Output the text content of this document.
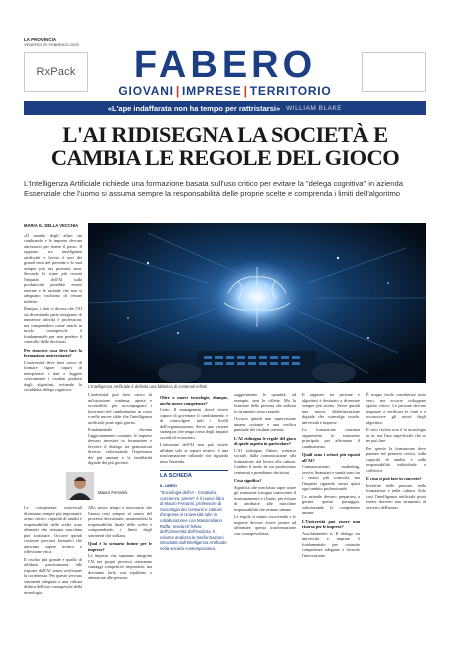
LA PROVINCIA
VENERDÌ 20 FEBBRAIO 2025
RxPack	FABERO
GIOVANI | IMPRESE | TERRITORIO
«L'ape indaffarata non ha tempo per rattristarsi» WILLIAM BLAKE
L'AI RIDISEGNA LA SOCIETÀ E CAMBIA LE REGOLE DEL GIOCO
L'Intelligenza Artificiale richiede una formazione basata sull'uso critico per evitare la "delega cognitiva" in azienda Essenziale che l'uomo si assuma sempre la responsabilità delle proprie scelte e comprenda i limiti dell'algoritmo
MARIA G. DELLA VECCHIA

«Il mondo degli affari sta cambiando e le imprese devono attrezzarsi per tenere il passo. Il rapporto tra intelligenza artificiale e lavoro è uno dei grandi temi del presente e lo sarà sempre più nei prossimi anni. Secondo le stime più recenti l'impatto dell'AI sulla produttività potrebbe essere enorme e le aziende che non si adeguano rischiano di restare indietro.

Dunque, i dati ci dicono che l'AI sta diventando parte integrante di numerose attività e professioni, ma comprendere come usarla in modo consapevole è fondamentale per non perdere il controllo delle decisioni.

Per riuscirci cosa deve fare la formazione universitaria?

L'università deve farsi carico di formare figure capaci di interpretare i dati e leggere criticamente i risultati prodotti dagli algoritmi, evitando la cosiddetta delega cognitiva.

Le competenze trasversali diventano sempre più importanti: senso critico, capacità di analisi e responsabilità nelle scelte sono elementi che nessuna macchina può sostituire. Occorre quindi costruire percorsi formativi che uniscano sapere tecnico e riflessione etica.

Il rischio più grande è quello di affidarsi passivamente alle risposte dell'AI senza verificarne la correttezza. Per questo servono strumenti adeguati e una cultura diffusa dell'uso consapevole della tecnologia.

L'Intelligenza Artificiale è definita una fabbrica di contenuti infiniti

L'università può farsi carico di un'istruzione continua, aperta e accessibile, per accompagnare i lavoratori nel cambiamento in corso e nelle nuove sfide che l'intelligenza artificiale pone ogni giorno.

Fondamentale diventa l'aggiornamento costante: le imprese devono investire in formazione e favorire il dialogo tra generazioni diverse, valorizzando l'esperienza dei più anziani e la familiarità digitale dei più giovani.

Allo stesso tempo è necessario che l'uomo resti sempre al centro del processo decisionale, assumendosi la responsabilità finale delle scelte e comprendendo i limiti degli strumenti che utilizza.

Qual è lo scenario futuro per le imprese?

Le imprese che sapranno integrare l'AI nei propri processi otterranno vantaggi competitivi importanti, ma dovranno farlo con equilibrio e attenzione alle persone.

Mauro Ferrarini
Oltre a nuove tecnologie, dunque, anche nuove competenze?

Certo. Il management dovrà essere capace di governare il cambiamento e di coinvolgere tutti i livelli dell'organizzazione. Serve una visione strategica che tenga conto degli impatti sociali ed economici.

L'adozione dell'AI non può essere affidata solo ai reparti tecnici: è una trasformazione culturale che riguarda tutta l'azienda.

LA SCHEDA
IL LIBRO
"Sociologia dell'IA - Creatività, coscienza, potere" è il nuovo libro di Mauro Ferrarini, professore di Sociologia dei consumi e cultura d'impresa in Università Iulm in collaborazione con Massimiliano Raffa, research fellow dell'Università dell'Insubria. Il volume analizza le trasformazioni introdotte dall'Intelligenza Artificiale nella società contemporanea.

suggerimento le quantità, ad esempio, non le riflette. Ma la funzione della persona che utilizza lo strumento resta centrale.

Occorre quindi una supervisione umana costante e una verifica puntuale dei risultati ottenuti.

L'AI ridisegna le regole del gioco di quale aspetto in particolare?

L'AI ridisegna l'intero scenario sociale, dalla comunicazione alla formazione, dal lavoro alla cultura. Cambia il modo in cui produciamo contenuti e prendiamo decisioni.

Cosa significa?

Significa che non basta saper usare gli strumenti: bisogna conoscerne il funzionamento e i limiti, per evitare di attribuire alle macchine responsabilità che restano umane.

Le regole si stanno riscrivendo e le imprese devono essere pronte ad affrontare questa trasformazione con consapevolezza.

Il rapporto tra persone e algoritmi è destinato a diventare sempre più stretto. Serve quindi una nuova alfabetizzazione digitale che coinvolga scuole, università e imprese.

La formazione continua rappresenta lo strumento principale per affrontare il cambiamento.

Quali sono i settori più esposti all'AI?

Comunicazione, marketing, servizi finanziari e sanità sono tra i settori più coinvolti, ma l'impatto riguarda ormai quasi ogni ambito professionale.

Le aziende devono prepararsi a gestire questo passaggio, valorizzando le competenze umane.

L'Università può essere una risorsa per le imprese?

Assolutamente sì. Il dialogo tra università e imprese è fondamentale per costruire competenze adeguate e favorire l'innovazione.

È troppo facile considerare tutto vero, ma occorre sviluppare spirito critico. Le persone devono imparare a verificare le fonti e a riconoscere gli errori degli algoritmi.

Il vero rischio non è la tecnologia in sé, ma l'uso superficiale che se ne può fare.

Per questo la formazione deve puntare sul pensiero critico, sulla capacità di analisi e sulla responsabilità individuale e collettiva.

E cosa si può fare in concreto?

Investire nelle persone, nella formazione e nella cultura. Solo così l'intelligenza artificiale potrà essere davvero uno strumento al servizio dell'uomo.
